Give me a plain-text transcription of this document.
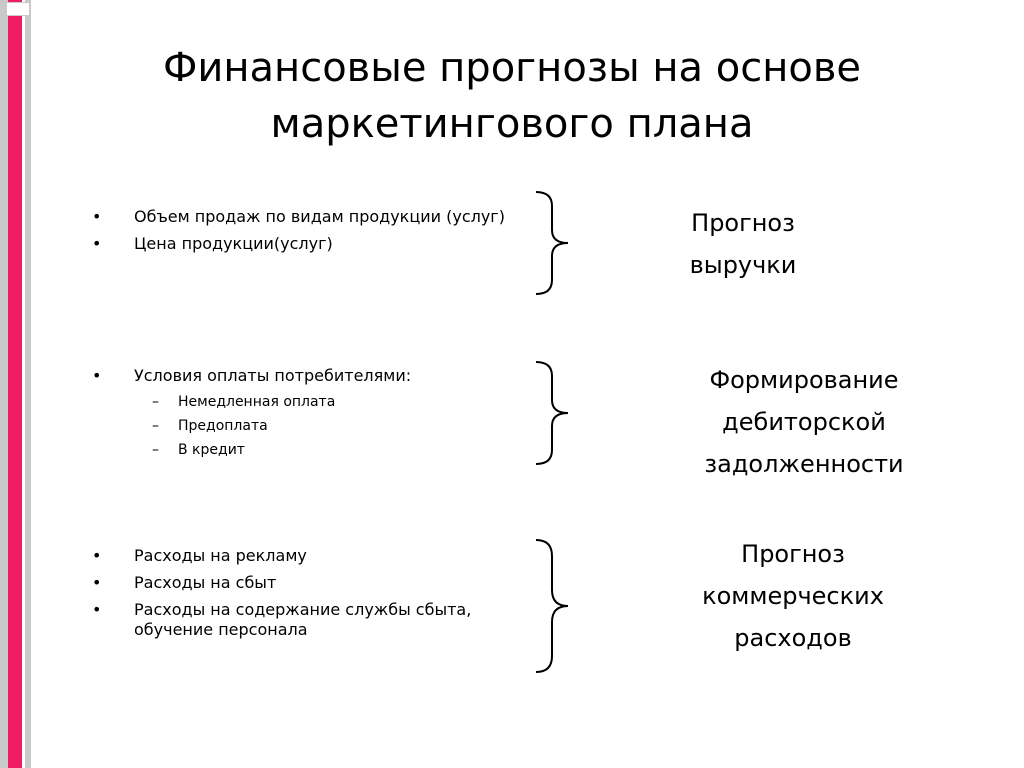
Финансовые прогнозы на основе
маркетингового плана
• Объем продаж по видам продукции (услуг)
• Цена продукции(услуг)
Прогноз
выручки
• Условия оплаты потребителями:
– Немедленная оплата
– Предоплата
– В кредит
Формирование
дебиторской
задолженности
• Расходы на рекламу
• Расходы на сбыт
• Расходы на содержание службы сбыта, обучение персонала
Прогноз
коммерческих
расходов
